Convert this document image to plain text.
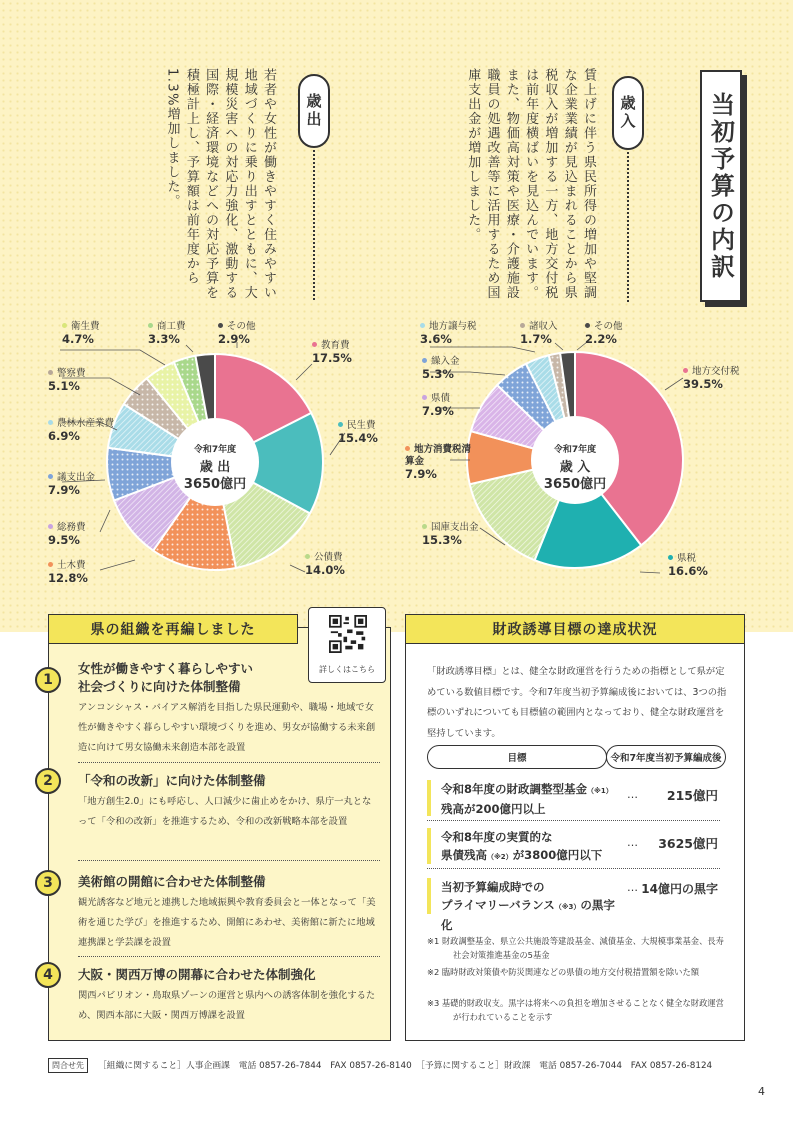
当初予算の内訳
歳入
賃上げに伴う県民所得の増加や堅調な企業業績が見込まれることから県税収入が増加する一方、地方交付税は前年度横ばいを見込んでいます。また、物価高対策や医療・介護施設職員の処遇改善等に活用するため国庫支出金が増加しました。
歳出
若者や女性が働きやすく住みやすい地域づくりに乗り出すとともに、大規模災害への対応力強化、激動する国際・経済環境などへの対応予算を積極計上し、予算額は前年度から1.3%増加しました。
令和7年度
歳 出
3650億円
令和7年度
歳 入
3650億円
衛生費
4.7%
商工費
3.3%
その他
2.9%	教育費
17.5%
民生費
15.4%
公債費
14.0%
土木費
12.8%
総務費
9.5%
議支出金
7.9%
農林水産業費
6.9%
警察費
5.1%
地方譲与税
3.6%
諸収入
1.7%
その他
2.2%
地方交付税
39.5%
県税
16.6%
国庫支出金
15.3%
地方消費税清算金
7.9%
県債
7.9%
繰入金
5.3%
県の組織を再編しました
詳しくはこちら
1
女性が働きやすく暮らしやすい
社会づくりに向けた体制整備

アンコンシャス・バイアス解消を目指した県民運動や、職場・地域で女性が働きやすく暮らしやすい環境づくりを進め、男女が協働する未来創造に向けて男女協働未来創造本部を設置

2	「令和の改新」に向けた体制整備

「地方創生2.0」にも呼応し、人口減少に歯止めをかけ、県庁一丸となって「令和の改新」を推進するため、令和の改新戦略本部を設置

3	美術館の開館に合わせた体制整備

観光誘客など地元と連携した地域振興や教育委員会と一体となって「美術を通じた学び」を推進するため、開館にあわせ、美術館に新たに地域連携課と学芸課を設置

4	大阪・関西万博の開幕に合わせた体制強化

関西パビリオン・鳥取県ゾーンの運営と県内への誘客体制を強化するため、関西本部に大阪・関西万博課を設置

財政誘導目標の達成状況
「財政誘導目標」とは、健全な財政運営を行うための指標として県が定めている数値目標です。令和7年度当初予算編成後においては、3つの指標のいずれについても目標値の範囲内となっており、健全な財政運営を堅持しています。
目標	令和7年度当初予算編成後
令和8年度の財政調整型基金（※1）
残高が200億円以上
… 215億円
令和8年度の実質的な
県債残高（※2）が3800億円以下
… 3625億円
当初予算編成時での
プライマリーバランス（※3）の黒字化
… 14億円の黒字
※1 財政調整基金、県立公共施設等建設基金、減債基金、大規模事業基金、長寿社会対策推進基金の5基金
※2 臨時財政対策債や防災関連などの県債の地方交付税措置額を除いた額
※3 基礎的財政収支。黒字は将来への負担を増加させることなく健全な財政運営が行われていることを示す
問合せ先 ［組織に関すること］人事企画課　電話 0857-26-7844　FAX 0857-26-8140　［予算に関すること］財政課　電話 0857-26-7044　FAX 0857-26-8124
4
